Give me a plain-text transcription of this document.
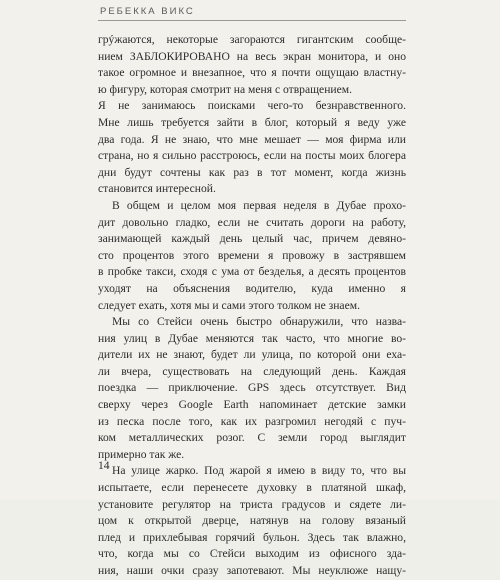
РЕБЕККА ВИКС
грýжаются, некоторые загораются гигантским сообще-
нием ЗАБЛОКИРОВАНО на весь экран монитора, и оно
такое огромное и внезапное, что я почти ощущаю властну-
ю фигуру, которая смотрит на меня с отвращением.
Я не занимаюсь поисками чего-то безнравственного.
Мне лишь требуется зайти в блог, который я веду уже
два года. Я не знаю, что мне мешает — моя фирма или
страна, но я сильно расстроюсь, если на посты моих блогера
дни будут сочтены как раз в тот момент, когда жизнь
становится интересной.
В общем и целом моя первая неделя в Дубае прохо-
дит довольно гладко, если не считать дороги на работу,
занимающей каждый день целый час, причем девяно-
сто процентов этого времени я провожу в застрявшем
в пробке такси, сходя с ума от безделья, а десять процентов
уходят на объяснения водителю, куда именно я
следует ехать, хотя мы и сами этого толком не знаем.
Мы со Стейси очень быстро обнаружили, что назва-
ния улиц в Дубае меняются так часто, что многие во-
дители их не знают, будет ли улица, по которой они еха-
ли вчера, существовать на следующий день. Каждая
поездка — приключение. GPS здесь отсутствует. Вид
сверху через Google Earth напоминает детские замки
из песка после того, как их разгромил негодяй с пуч-
ком металлических розог. С земли город выглядит
примерно так же.
На улице жарко. Под жарой я имею в виду то, что вы
испытаете, если перенесете духовку в платяной шкаф,
установите регулятор на триста градусов и сядете ли-
цом к открытой дверце, натянув на голову вязаный
плед и прихлебывая горячий бульон. Здесь так влажно,
что, когда мы со Стейси выходим из офисного зда-
ния, наши очки сразу запотевают. Мы неуклюже нащу-
14
